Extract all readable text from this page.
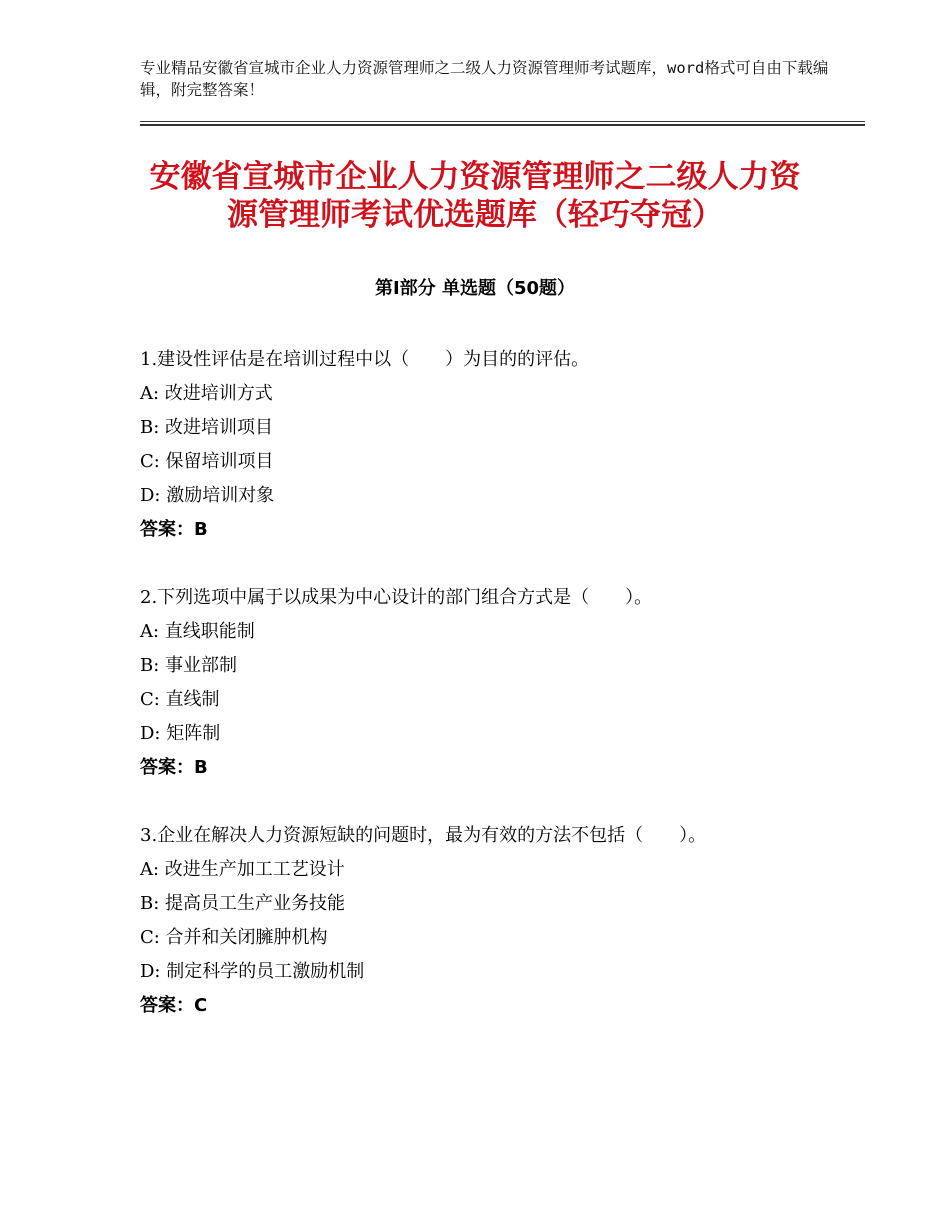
专业精品安徽省宣城市企业人力资源管理师之二级人力资源管理师考试题库，word格式可自由下载编辑，附完整答案！
安徽省宣城市企业人力资源管理师之二级人力资源管理师考试优选题库（轻巧夺冠）
第Ⅰ部分 单选题（50题）

1.建设性评估是在培训过程中以（　　）为目的的评估。

A: 改进培训方式

B: 改进培训项目

C: 保留培训项目

D: 激励培训对象

答案：B

2.下列选项中属于以成果为中心设计的部门组合方式是（　　）。

A: 直线职能制

B: 事业部制

C: 直线制

D: 矩阵制

答案：B

3.企业在解决人力资源短缺的问题时，最为有效的方法不包括（　　）。

A: 改进生产加工工艺设计

B: 提高员工生产业务技能

C: 合并和关闭臃肿机构

D: 制定科学的员工激励机制

答案：C
